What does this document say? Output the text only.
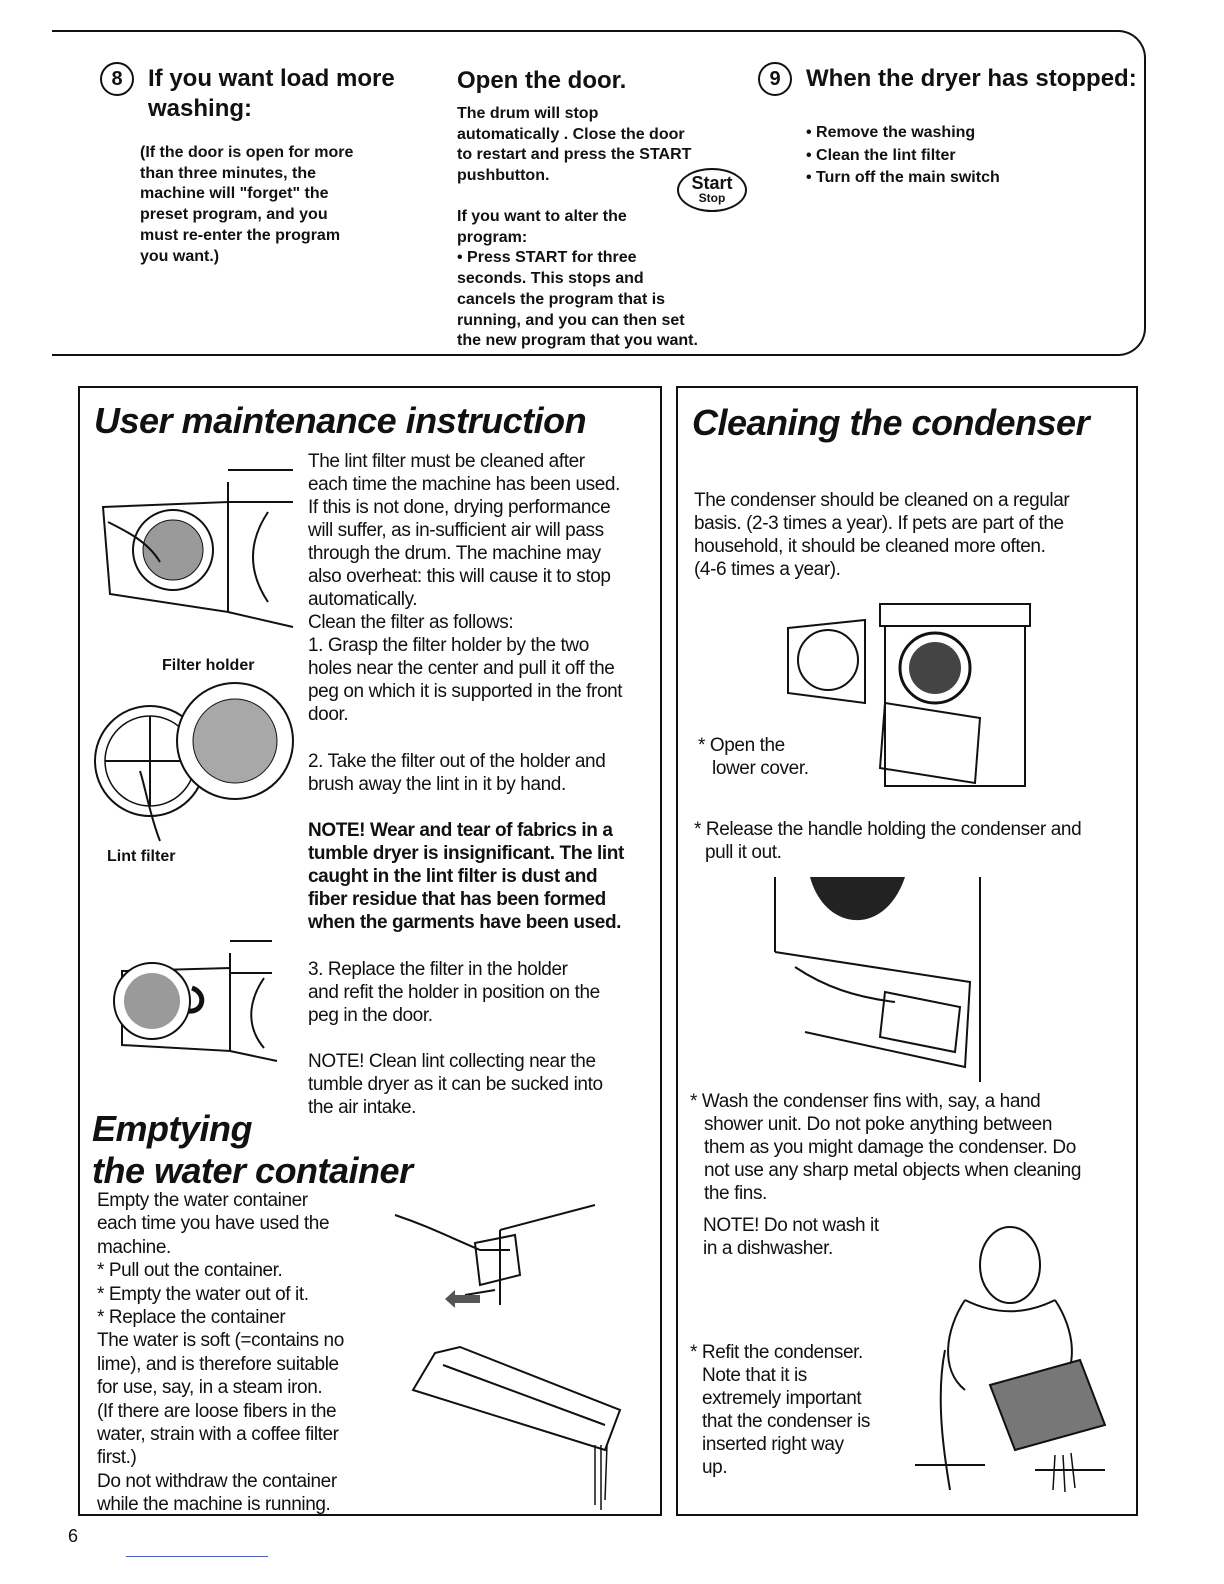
8 If you want load more
washing:
(If the door is open for more
than three minutes, the
machine will "forget" the
preset program, and you
must re-enter the program
you want.)
Open the door.
The drum will stop
automatically . Close the door
to restart and press the START
pushbutton.	Start
Stop
If you want to alter the
program:
• Press START for three
seconds. This stops and
cancels the program that is
running, and you can then set
the new program that you want.
9 When the dryer has stopped:
• Remove the washing
• Clean the lint filter
• Turn off the main switch
User maintenance instruction
The lint filter must be cleaned after
each time the machine has been used.
If this is not done, drying performance
will suffer, as in-sufficient air will pass
through the drum. The machine may
also overheat: this will cause it to stop
automatically.
Clean the filter as follows:
1. Grasp the filter holder by the two
holes near the center and pull it off the
peg on which it is supported in the front
door.
2. Take the filter out of the holder and
brush away the lint in it by hand.
NOTE! Wear and tear of fabrics in a
tumble dryer is insignificant. The lint
caught in the lint filter is dust and
fiber residue that has been formed
when the garments have been used.
3. Replace the filter in the holder
and refit the holder in position on the
peg in the door.
NOTE! Clean lint collecting near the
tumble dryer as it can be sucked into
the air intake.
Filter holder
Lint filter
Emptying
the water container
Empty the water container
each time you have used the
machine.
* Pull out the container.
* Empty the water out of it.
* Replace the container
The water is soft (=contains no
lime), and is therefore suitable
for use, say, in a steam iron.
(If there are loose fibers in the
water, strain with a coffee filter
first.)
Do not withdraw the container
while the machine is running.
Cleaning the condenser
The condenser should be cleaned on a regular
basis. (2-3 times a year). If pets are part of the
household, it should be cleaned more often.
(4-6 times a year).
* Open the
lower cover.
* Release the handle holding the condenser and
pull it out.
* Wash the condenser fins with, say, a hand
shower unit. Do not poke anything between
them as you might damage the condenser. Do
not use any sharp metal objects when cleaning
the fins.
NOTE! Do not wash it
in a dishwasher.
* Refit the condenser.
Note that it is
extremely important
that the condenser is
inserted right way
up.
6
